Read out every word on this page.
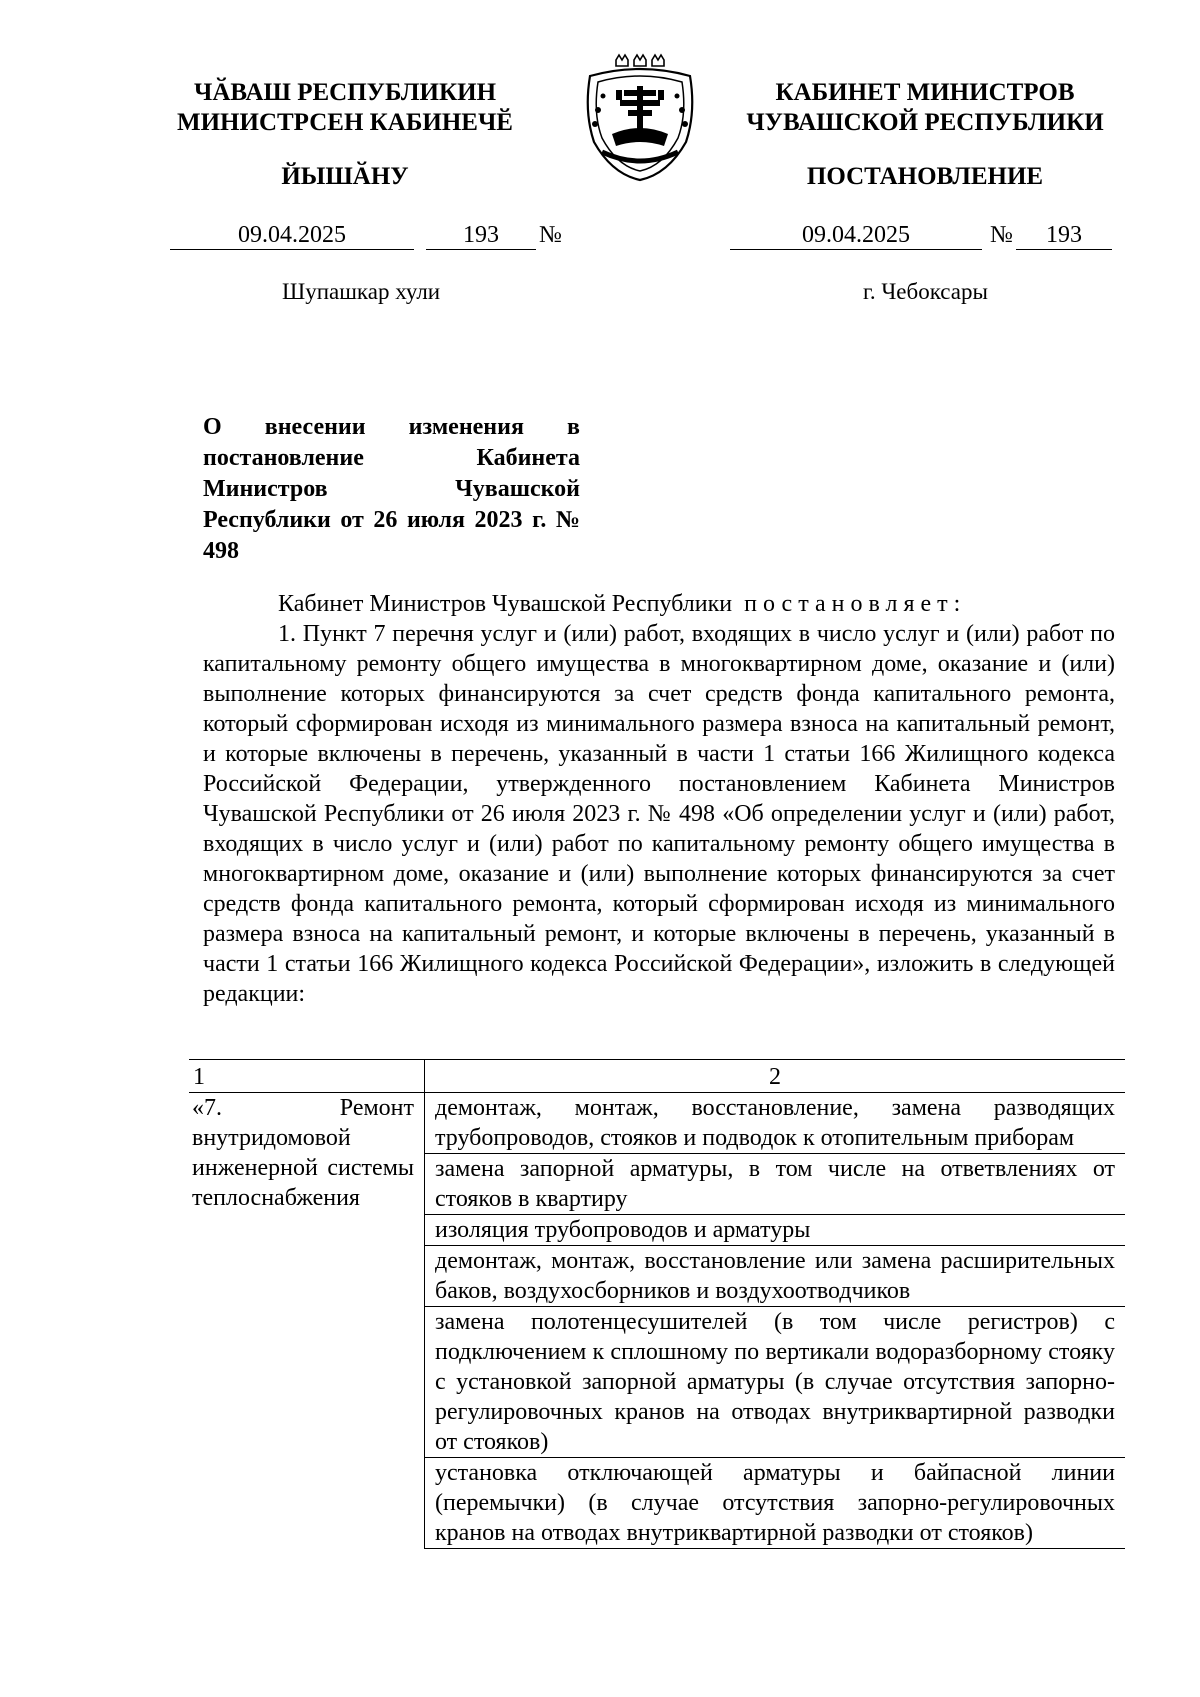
ЧӐВАШ РЕСПУБЛИКИН
МИНИСТРСЕН КАБИНЕЧӖ
ЙЫШӐНУ
КАБИНЕТ МИНИСТРОВ
ЧУВАШСКОЙ РЕСПУБЛИКИ
ПОСТАНОВЛЕНИЕ
09.04.2025	193	№	09.04.2025	№	193
Шупашкар хули	г. Чебоксары
О внесении изменения в постановление Кабинета Министров Чувашской Республики от 26 июля 2023 г. № 498

Кабинет Министров Чувашской Республики постановляет:

1. Пункт 7 перечня услуг и (или) работ, входящих в число услуг и (или) работ по капитальному ремонту общего имущества в многоквартирном доме, оказание и (или) выполнение которых финансируются за счет средств фонда капитального ремонта, который сформирован исходя из минимального размера взноса на капитальный ремонт, и которые включены в перечень, указанный в части 1 статьи 166 Жилищного кодекса Российской Федерации, утвержденного постановлением Кабинета Министров Чувашской Республики от 26 июля 2023 г. № 498 «Об определении услуг и (или) работ, входящих в число услуг и (или) работ по капитальному ремонту общего имущества в многоквартирном доме, оказание и (или) выполнение которых финансируются за счет средств фонда капитального ремонта, который сформирован исходя из минимального размера взноса на капитальный ремонт, и которые включены в перечень, указанный в части 1 статьи 166 Жилищного кодекса Российской Федерации», изложить в следующей редакции:

1	2
«7. Ремонт внутридомовой инженерной системы теплоснабжения	демонтаж, монтаж, восстановление, замена разводящих трубопроводов, стояков и подводок к отопительным приборам
	замена запорной арматуры, в том числе на ответвлениях от стояков в квартиру
	изоляция трубопроводов и арматуры
	демонтаж, монтаж, восстановление или замена расширительных баков, воздухосборников и воздухоотводчиков
	замена полотенцесушителей (в том числе регистров) с подключением к сплошному по вертикали водоразборному стояку с установкой запорной арматуры (в случае отсутствия запорно-регулировочных кранов на отводах внутриквартирной разводки от стояков)
	установка отключающей арматуры и байпасной линии (перемычки) (в случае отсутствия запорно-регулировочных кранов на отводах внутриквартирной разводки от стояков)
